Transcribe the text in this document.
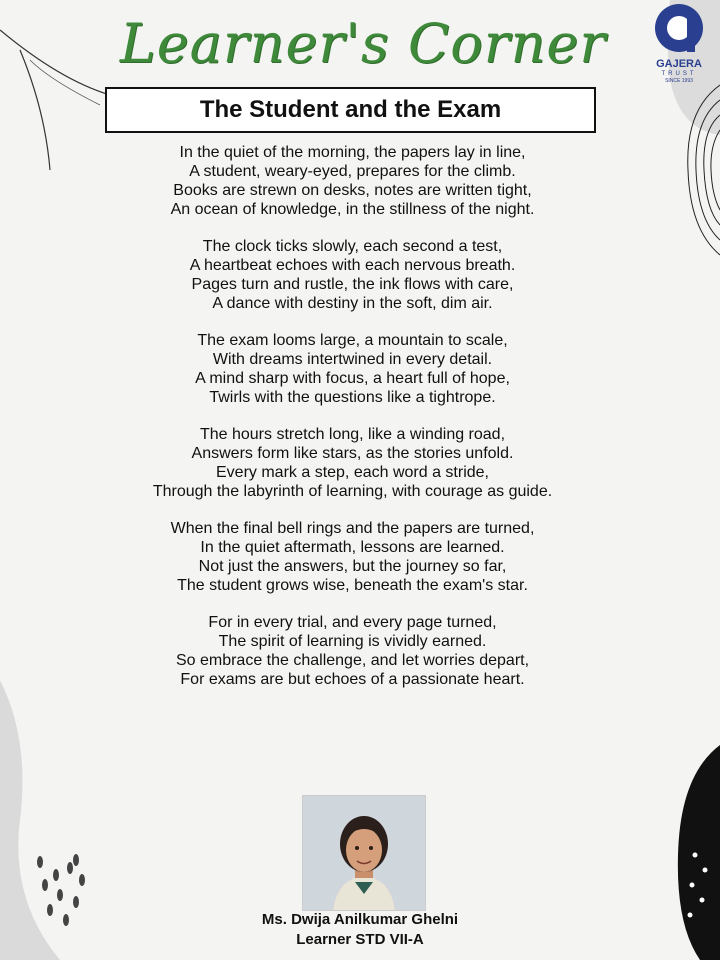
Learner's Corner	GAJERA
TRUST
SINCE 1993
The Student and the Exam
In the quiet of the morning, the papers lay in line,
A student, weary-eyed, prepares for the climb.
Books are strewn on desks, notes are written tight,
An ocean of knowledge, in the stillness of the night.
The clock ticks slowly, each second a test,
A heartbeat echoes with each nervous breath.
Pages turn and rustle, the ink flows with care,
A dance with destiny in the soft, dim air.
The exam looms large, a mountain to scale,
With dreams intertwined in every detail.
A mind sharp with focus, a heart full of hope,
Twirls with the questions like a tightrope.
The hours stretch long, like a winding road,
Answers form like stars, as the stories unfold.
Every mark a step, each word a stride,
Through the labyrinth of learning, with courage as guide.
When the final bell rings and the papers are turned,
In the quiet aftermath, lessons are learned.
Not just the answers, but the journey so far,
The student grows wise, beneath the exam's star.
For in every trial, and every page turned,
The spirit of learning is vividly earned.
So embrace the challenge, and let worries depart,
For exams are but echoes of a passionate heart.
Ms. Dwija Anilkumar Ghelni
Learner STD VII-A
